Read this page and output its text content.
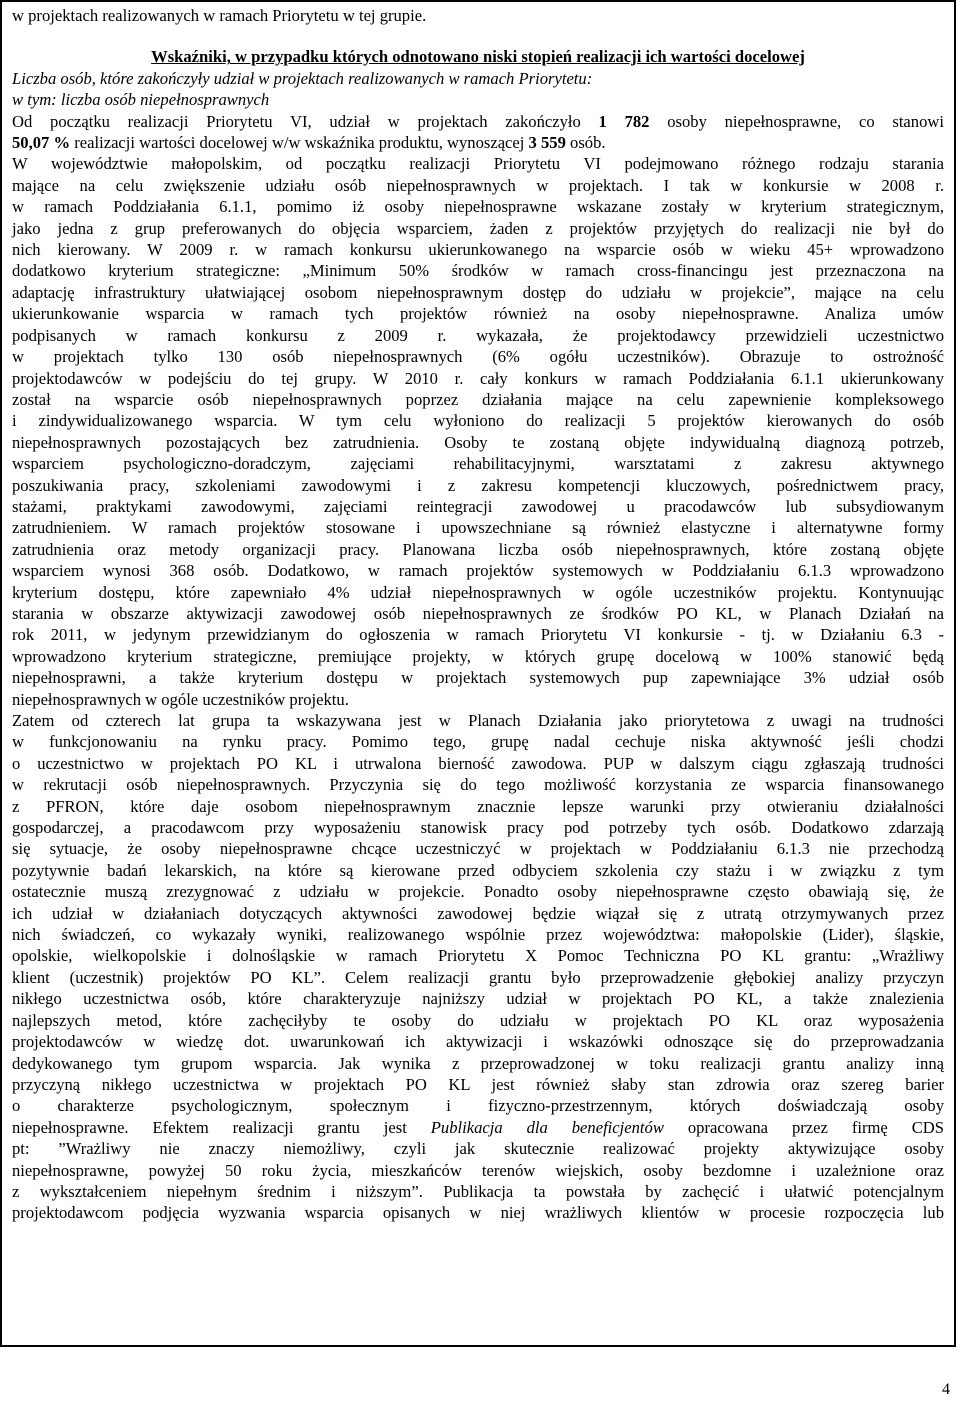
w projektach realizowanych w ramach Priorytetu w tej grupie.
Wskaźniki, w przypadku których odnotowano niski stopień realizacji ich wartości docelowej
Liczba osób, które zakończyły udział w projektach realizowanych w ramach Priorytetu:
w tym: liczba osób niepełnosprawnych
Od początku realizacji Priorytetu VI, udział w projektach zakończyło 1 782 osoby niepełnosprawne, co stanowi
50,07 % realizacji wartości docelowej w/w wskaźnika produktu, wynoszącej 3 559 osób.
W województwie małopolskim, od początku realizacji Priorytetu VI podejmowano różnego rodzaju starania
mające na celu zwiększenie udziału osób niepełnosprawnych w projektach. I tak w konkursie w 2008 r.
w ramach Poddziałania 6.1.1, pomimo iż osoby niepełnosprawne wskazane zostały w kryterium strategicznym,
jako jedna z grup preferowanych do objęcia wsparciem, żaden z projektów przyjętych do realizacji nie był do
nich kierowany. W 2009 r. w ramach konkursu ukierunkowanego na wsparcie osób w wieku 45+ wprowadzono
dodatkowo kryterium strategiczne: „Minimum 50% środków w ramach cross-financingu jest przeznaczona na
adaptację infrastruktury ułatwiającej osobom niepełnosprawnym dostęp do udziału w projekcie”, mające na celu
ukierunkowanie wsparcia w ramach tych projektów również na osoby niepełnosprawne. Analiza umów
podpisanych w ramach konkursu z 2009 r. wykazała, że projektodawcy przewidzieli uczestnictwo
w projektach tylko 130 osób niepełnosprawnych (6% ogółu uczestników). Obrazuje to ostrożność
projektodawców w podejściu do tej grupy. W 2010 r. cały konkurs w ramach Poddziałania 6.1.1 ukierunkowany
został na wsparcie osób niepełnosprawnych poprzez działania mające na celu zapewnienie kompleksowego
i zindywidualizowanego wsparcia. W tym celu wyłoniono do realizacji 5 projektów kierowanych do osób
niepełnosprawnych pozostających bez zatrudnienia. Osoby te zostaną objęte indywidualną diagnozą potrzeb,
wsparciem psychologiczno-doradczym, zajęciami rehabilitacyjnymi, warsztatami z zakresu aktywnego
poszukiwania pracy, szkoleniami zawodowymi i z zakresu kompetencji kluczowych, pośrednictwem pracy,
stażami, praktykami zawodowymi, zajęciami reintegracji zawodowej u pracodawców lub subsydiowanym
zatrudnieniem. W ramach projektów stosowane i upowszechniane są również elastyczne i alternatywne formy
zatrudnienia oraz metody organizacji pracy. Planowana liczba osób niepełnosprawnych, które zostaną objęte
wsparciem wynosi 368 osób. Dodatkowo, w ramach projektów systemowych w Poddziałaniu 6.1.3 wprowadzono
kryterium dostępu, które zapewniało 4% udział niepełnosprawnych w ogóle uczestników projektu. Kontynuując
starania w obszarze aktywizacji zawodowej osób niepełnosprawnych ze środków PO KL, w Planach Działań na
rok 2011, w jedynym przewidzianym do ogłoszenia w ramach Priorytetu VI konkursie - tj. w Działaniu 6.3 -
wprowadzono kryterium strategiczne, premiujące projekty, w których grupę docelową w 100% stanowić będą
niepełnosprawni, a także kryterium dostępu w projektach systemowych pup zapewniające 3% udział osób
niepełnosprawnych w ogóle uczestników projektu.
Zatem od czterech lat grupa ta wskazywana jest w Planach Działania jako priorytetowa z uwagi na trudności
w funkcjonowaniu na rynku pracy. Pomimo tego, grupę nadal cechuje niska aktywność jeśli chodzi
o uczestnictwo w projektach PO KL i utrwalona bierność zawodowa. PUP w dalszym ciągu zgłaszają trudności
w rekrutacji osób niepełnosprawnych. Przyczynia się do tego możliwość korzystania ze wsparcia finansowanego
z PFRON, które daje osobom niepełnosprawnym znacznie lepsze warunki przy otwieraniu działalności
gospodarczej, a pracodawcom przy wyposażeniu stanowisk pracy pod potrzeby tych osób. Dodatkowo zdarzają
się sytuacje, że osoby niepełnosprawne chcące uczestniczyć w projektach w Poddziałaniu 6.1.3 nie przechodzą
pozytywnie badań lekarskich, na które są kierowane przed odbyciem szkolenia czy stażu i w związku z tym
ostatecznie muszą zrezygnować z udziału w projekcie. Ponadto osoby niepełnosprawne często obawiają się, że
ich udział w działaniach dotyczących aktywności zawodowej będzie wiązał się z utratą otrzymywanych przez
nich świadczeń, co wykazały wyniki, realizowanego wspólnie przez województwa: małopolskie (Lider), śląskie,
opolskie, wielkopolskie i dolnośląskie w ramach Priorytetu X Pomoc Techniczna PO KL grantu: „Wrażliwy
klient (uczestnik) projektów PO KL”. Celem realizacji grantu było przeprowadzenie głębokiej analizy przyczyn
nikłego uczestnictwa osób, które charakteryzuje najniższy udział w projektach PO KL, a także znalezienia
najlepszych metod, które zachęciłyby te osoby do udziału w projektach PO KL oraz wyposażenia
projektodawców w wiedzę dot. uwarunkowań ich aktywizacji i wskazówki odnoszące się do przeprowadzania
dedykowanego tym grupom wsparcia. Jak wynika z przeprowadzonej w toku realizacji grantu analizy inną
przyczyną nikłego uczestnictwa w projektach PO KL jest również słaby stan zdrowia oraz szereg barier
o charakterze psychologicznym, społecznym i fizyczno-przestrzennym, których doświadczają osoby
niepełnosprawne. Efektem realizacji grantu jest Publikacja dla beneficjentów opracowana przez firmę CDS
pt: ”Wrażliwy nie znaczy niemożliwy, czyli jak skutecznie realizować projekty aktywizujące osoby
niepełnosprawne, powyżej 50 roku życia, mieszkańców terenów wiejskich, osoby bezdomne i uzależnione oraz
z wykształceniem niepełnym średnim i niższym”. Publikacja ta powstała by zachęcić i ułatwić potencjalnym
projektodawcom podjęcia wyzwania wsparcia opisanych w niej wrażliwych klientów w procesie rozpoczęcia lub
4
